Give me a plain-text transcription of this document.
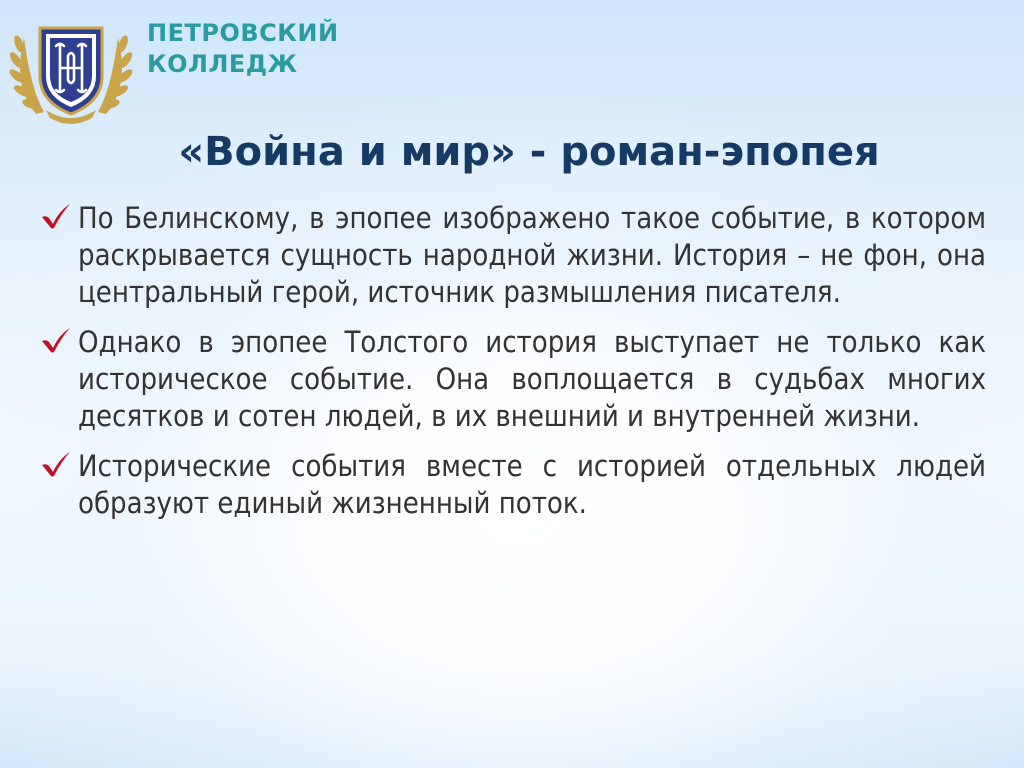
ПЕТРОВСКИЙ
КОЛЛЕДЖ
«Война и мир» - роман-эпопея
По Белинскому, в эпопее изображено такое событие, в котором раскрывается сущность народной жизни. История – не фон, она центральный герой, источник размышления писателя.
Однако в эпопее Толстого история выступает не только как историческое событие. Она воплощается в судьбах многих десятков и сотен людей, в их внешний и внутренней жизни.
Исторические события вместе с историей отдельных людей образуют единый жизненный поток.
